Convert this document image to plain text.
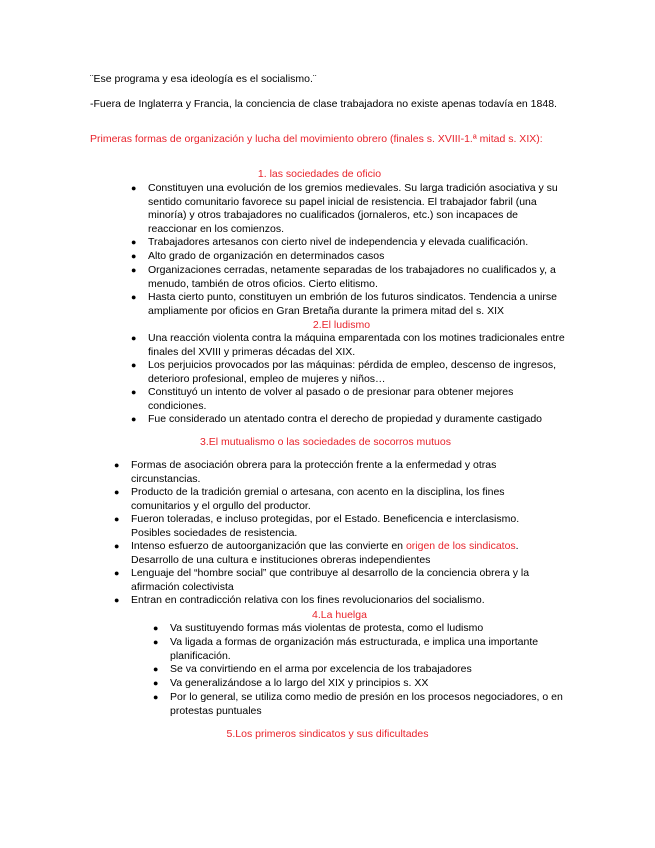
¨Ese programa y esa ideología es el socialismo.¨

-Fuera de Inglaterra y Francia, la conciencia de clase trabajadora no existe apenas todavía en 1848.

Primeras formas de organización y lucha del movimiento obrero (finales s. XVIII-1.ª mitad s. XIX):

1. las sociedades de oficio

● Constituyen una evolución de los gremios medievales. Su larga tradición asociativa y su sentido comunitario favorece su papel inicial de resistencia. El trabajador fabril (una minoría) y otros trabajadores no cualificados (jornaleros, etc.) son incapaces de reaccionar en los comienzos.
● Trabajadores artesanos con cierto nivel de independencia y elevada cualificación.
● Alto grado de organización en determinados casos
● Organizaciones cerradas, netamente separadas de los trabajadores no cualificados y, a menudo, también de otros oficios. Cierto elitismo.
● Hasta cierto punto, constituyen un embrión de los futuros sindicatos. Tendencia a unirse ampliamente por oficios en Gran Bretaña durante la primera mitad del s. XIX

2.El ludismo

● Una reacción violenta contra la máquina emparentada con los motines tradicionales entre finales del XVIII y primeras décadas del XIX.
● Los perjuicios provocados por las máquinas: pérdida de empleo, descenso de ingresos, deterioro profesional, empleo de mujeres y niños…
● Constituyó un intento de volver al pasado o de presionar para obtener mejores condiciones.
● Fue considerado un atentado contra el derecho de propiedad y duramente castigado

3.El mutualismo o las sociedades de socorros mutuos

● Formas de asociación obrera para la protección frente a la enfermedad y otras circunstancias.
● Producto de la tradición gremial o artesana, con acento en la disciplina, los fines comunitarios y el orgullo del productor.
● Fueron toleradas, e incluso protegidas, por el Estado. Beneficencia e interclasismo. Posibles sociedades de resistencia.
● Intenso esfuerzo de autoorganización que las convierte en origen de los sindicatos. Desarrollo de una cultura e instituciones obreras independientes
● Lenguaje del “hombre social” que contribuye al desarrollo de la conciencia obrera y la afirmación colectivista
● Entran en contradicción relativa con los fines revolucionarios del socialismo.

4.La huelga

● Va sustituyendo formas más violentas de protesta, como el ludismo
● Va ligada a formas de organización más estructurada, e implica una importante planificación.
● Se va convirtiendo en el arma por excelencia de los trabajadores
● Va generalizándose a lo largo del XIX y principios s. XX
● Por lo general, se utiliza como medio de presión en los procesos negociadores, o en protestas puntuales

5.Los primeros sindicatos y sus dificultades
